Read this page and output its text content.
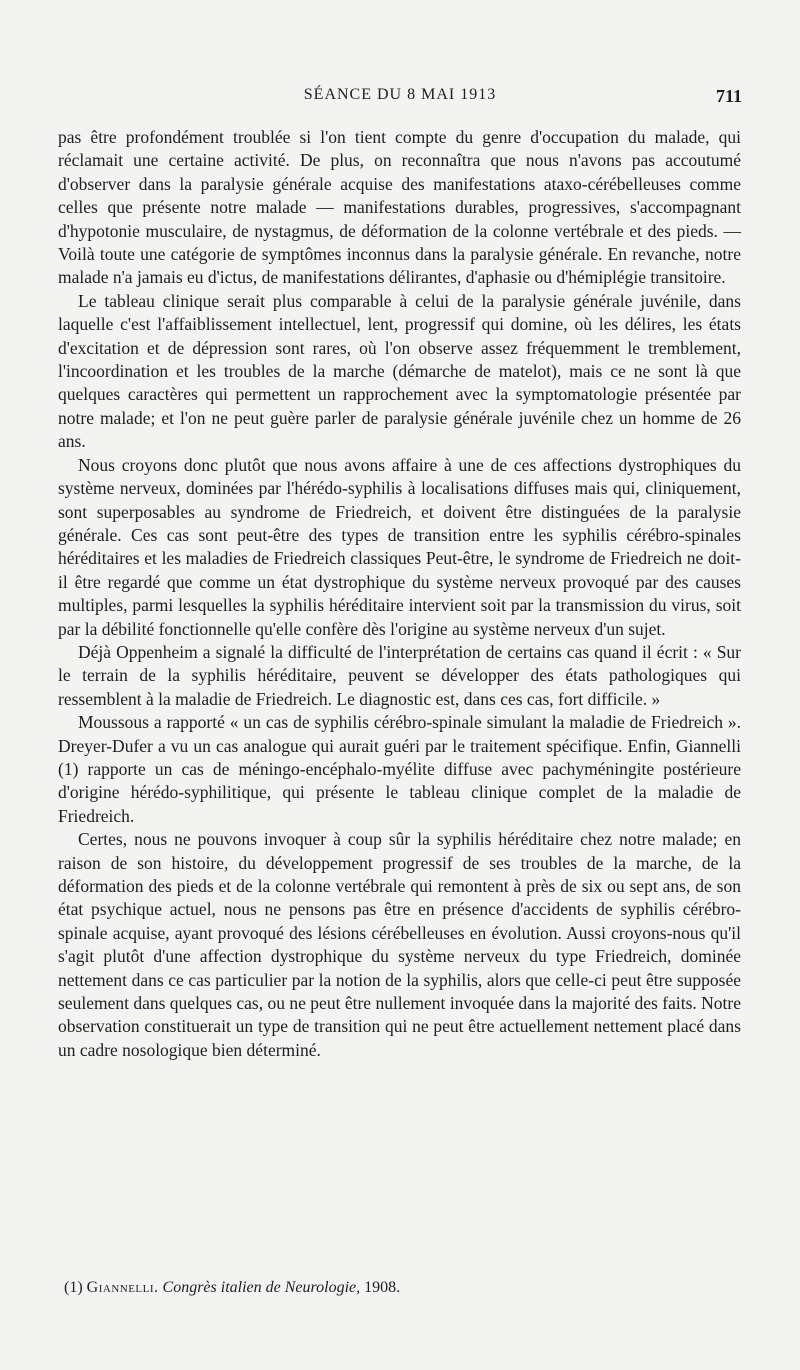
SÉANCE DU 8 MAI 1913	711

pas être profondément troublée si l'on tient compte du genre d'occupation du malade, qui réclamait une certaine activité. De plus, on reconnaîtra que nous n'avons pas accoutumé d'observer dans la paralysie générale acquise des manifestations ataxo-cérébelleuses comme celles que présente notre malade — manifestations durables, progressives, s'accompagnant d'hypotonie musculaire, de nystagmus, de déformation de la colonne vertébrale et des pieds. — Voilà toute une catégorie de symptômes inconnus dans la paralysie générale. En revanche, notre malade n'a jamais eu d'ictus, de manifestations délirantes, d'aphasie ou d'hémiplégie transitoire.

Le tableau clinique serait plus comparable à celui de la paralysie générale juvénile, dans laquelle c'est l'affaiblissement intellectuel, lent, progressif qui domine, où les délires, les états d'excitation et de dépression sont rares, où l'on observe assez fréquemment le tremblement, l'incoordination et les troubles de la marche (démarche de matelot), mais ce ne sont là que quelques caractères qui permettent un rapprochement avec la symptomatologie présentée par notre malade; et l'on ne peut guère parler de paralysie générale juvénile chez un homme de 26 ans.

Nous croyons donc plutôt que nous avons affaire à une de ces affections dystrophiques du système nerveux, dominées par l'hérédo-syphilis à localisations diffuses mais qui, cliniquement, sont superposables au syndrome de Friedreich, et doivent être distinguées de la paralysie générale. Ces cas sont peut-être des types de transition entre les syphilis cérébro-spinales héréditaires et les maladies de Friedreich classiques Peut-être, le syndrome de Friedreich ne doit-il être regardé que comme un état dystrophique du système nerveux provoqué par des causes multiples, parmi lesquelles la syphilis héréditaire intervient soit par la transmission du virus, soit par la débilité fonctionnelle qu'elle confère dès l'origine au système nerveux d'un sujet.

Déjà Oppenheim a signalé la difficulté de l'interprétation de certains cas quand il écrit : « Sur le terrain de la syphilis héréditaire, peuvent se développer des états pathologiques qui ressemblent à la maladie de Friedreich. Le diagnostic est, dans ces cas, fort difficile. »

Moussous a rapporté « un cas de syphilis cérébro-spinale simulant la maladie de Friedreich ». Dreyer-Dufer a vu un cas analogue qui aurait guéri par le traitement spécifique. Enfin, Giannelli (1) rapporte un cas de méningo-encéphalo-myélite diffuse avec pachyméningite postérieure d'origine hérédo-syphilitique, qui présente le tableau clinique complet de la maladie de Friedreich.

Certes, nous ne pouvons invoquer à coup sûr la syphilis héréditaire chez notre malade; en raison de son histoire, du développement progressif de ses troubles de la marche, de la déformation des pieds et de la colonne vertébrale qui remontent à près de six ou sept ans, de son état psychique actuel, nous ne pensons pas être en présence d'accidents de syphilis cérébro-spinale acquise, ayant provoqué des lésions cérébelleuses en évolution. Aussi croyons-nous qu'il s'agit plutôt d'une affection dystrophique du système nerveux du type Friedreich, dominée nettement dans ce cas particulier par la notion de la syphilis, alors que celle-ci peut être supposée seulement dans quelques cas, ou ne peut être nullement invoquée dans la majorité des faits. Notre observation constituerait un type de transition qui ne peut être actuellement nettement placé dans un cadre nosologique bien déterminé.

(1) Giannelli. Congrès italien de Neurologie, 1908.
